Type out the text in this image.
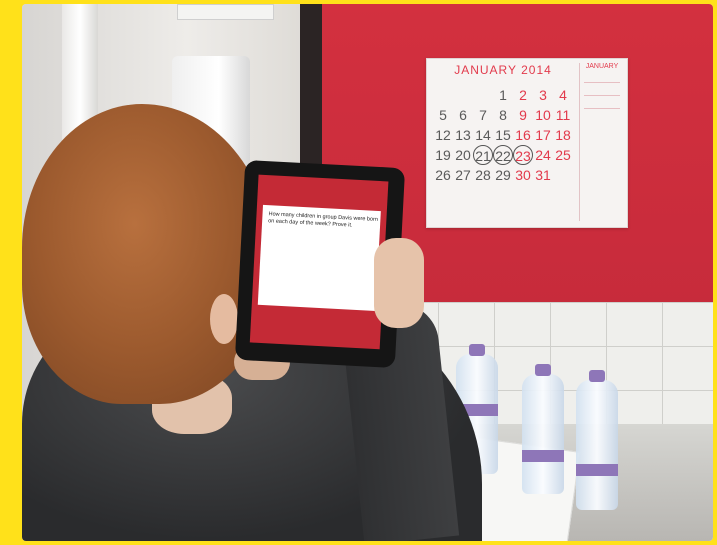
JANUARY 2014
1 2 3 4
5 6 7 8 9 10 11
12 13 14 15 16 17 18
19 20 21 22 23 24 25
26 27 28 29 30 31
JANUARY
How many children in group Davis were born on each day of the week? Prove it.
